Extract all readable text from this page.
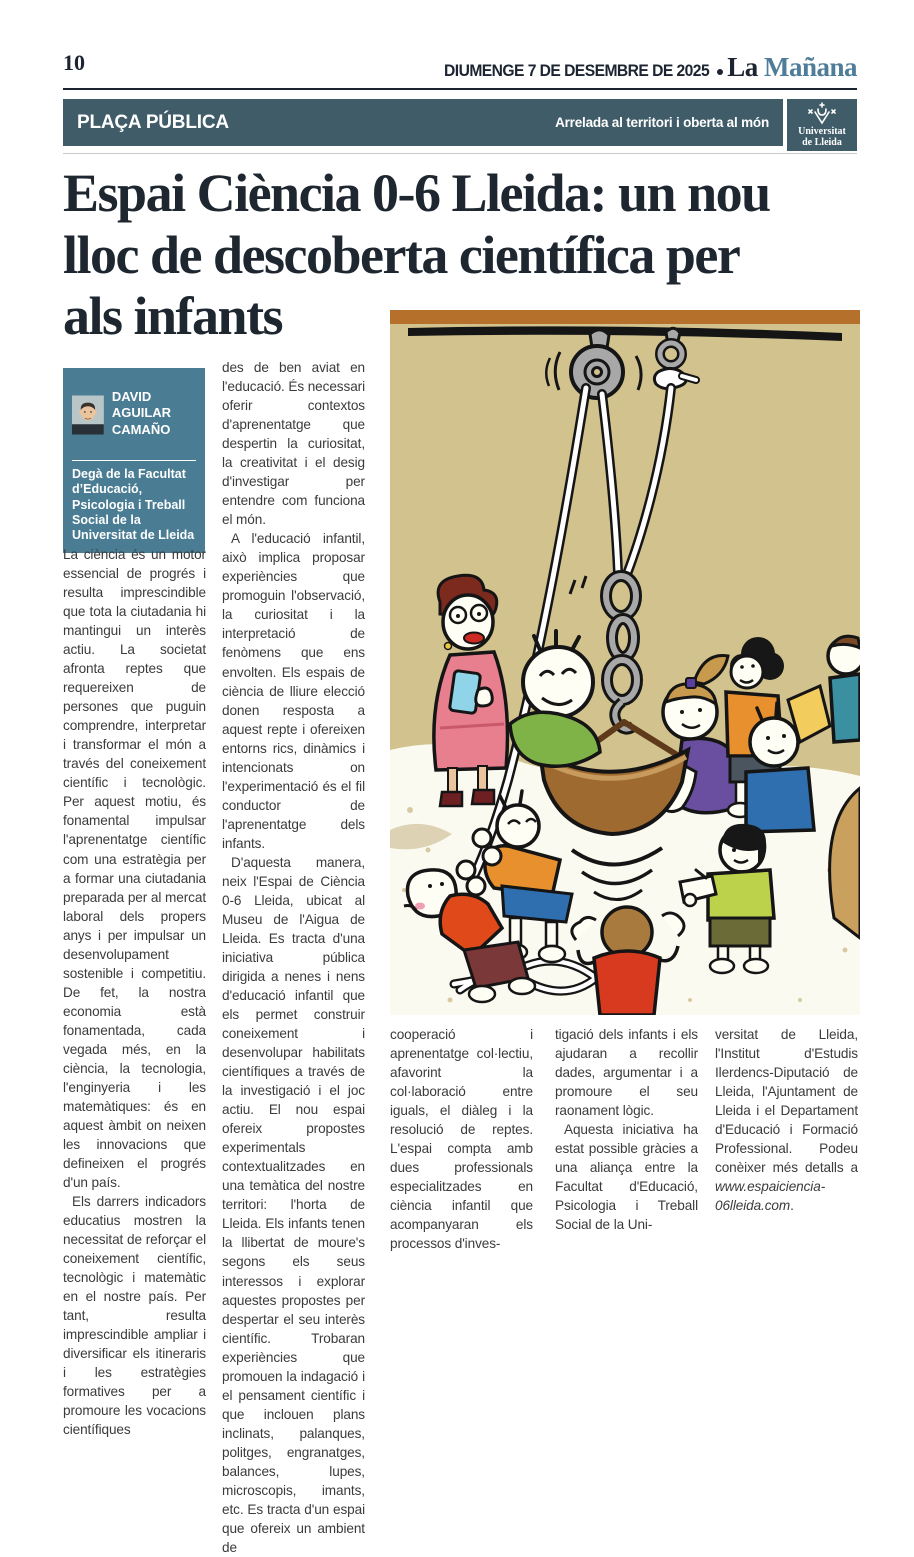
10	DIUMENGE 7 DE DESEMBRE DE 2025 La Mañana
PLAÇA PÚBLICA	Arrelada al territori i oberta al món
Universitat
de Lleida
Espai Ciència 0-6 Lleida: un nou
lloc de descoberta científica per
als infants
DAVID AGUILAR CAMAÑO
Degà de la Facultat d’Educació, Psicologia i Treball Social de la Universitat de Lleida

La ciència és un motor essencial de progrés i resulta imprescindible que tota la ciutadania hi mantingui un interès actiu. La societat afronta reptes que requereixen de persones que puguin comprendre, interpretar i transformar el món a través del coneixement científic i tecnològic. Per aquest motiu, és fonamental impulsar l'aprenentatge científic com una estratègia per a formar una ciutadania preparada per al mercat laboral dels propers anys i per impulsar un desenvolupament sostenible i competitiu. De fet, la nostra economia està fonamentada, cada vegada més, en la ciència, la tecnologia, l'enginyeria i les matemàtiques: és en aquest àmbit on neixen les innovacions que defineixen el progrés d'un país.

Els darrers indicadors educatius mostren la necessitat de reforçar el coneixement científic, tecnològic i matemàtic en el nostre país. Per tant, resulta imprescindible ampliar i diversificar els itineraris i les estratègies formatives per a promoure les vocacions científiques

des de ben aviat en l'educació. És necessari oferir contextos d'aprenentatge que despertin la curiositat, la creativitat i el desig d'investigar per entendre com funciona el món.

A l'educació infantil, això implica proposar experiències que promoguin l'observació, la curiositat i la interpretació de fenòmens que ens envolten. Els espais de ciència de lliure elecció donen resposta a aquest repte i ofereixen entorns rics, dinàmics i intencionats on l'experimentació és el fil conductor de l'aprenentatge dels infants.

D'aquesta manera, neix l'Espai de Ciència 0-6 Lleida, ubicat al Museu de l'Aigua de Lleida. Es tracta d'una iniciativa pública dirigida a nenes i nens d'educació infantil que els permet construir coneixement i desenvolupar habilitats científiques a través de la investigació i el joc actiu. El nou espai ofereix propostes experimentals contextualitzades en una temàtica del nostre territori: l'horta de Lleida. Els infants tenen la llibertat de moure's segons els seus interessos i explorar aquestes propostes per despertar el seu interès científic. Trobaran experiències que promouen la indagació i el pensament científic i que inclouen plans inclinats, palanques, politges, engranatges, balances, lupes, microscopis, imants, etc. Es tracta d'un espai que ofereix un ambient de

cooperació i aprenentatge col·lectiu, afavorint la col·laboració entre iguals, el diàleg i la resolució de reptes. L'espai compta amb dues professionals especialitzades en ciència infantil que acompanyaran els processos d'inves-

tigació dels infants i els ajudaran a recollir dades, argumentar i a promoure el seu raonament lògic.

Aquesta iniciativa ha estat possible gràcies a una aliança entre la Facultat d'Educació, Psicologia i Treball Social de la Uni-

versitat de Lleida, l'Institut d'Estudis Ilerdencs-Diputació de Lleida, l'Ajuntament de Lleida i el Departament d'Educació i Formació Professional. Podeu conèixer més detalls a www.espaiciencia-06lleida.com.
